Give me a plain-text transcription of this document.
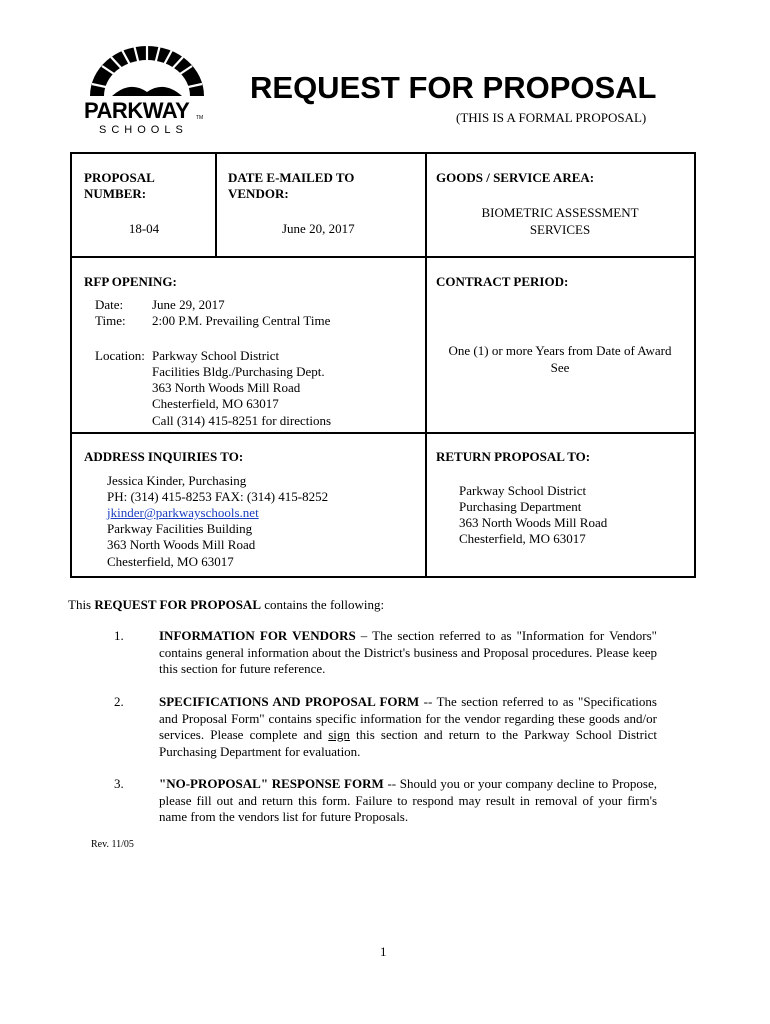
PARKWAY TM
SCHOOLS
REQUEST FOR PROPOSAL
(THIS IS A FORMAL PROPOSAL)
PROPOSAL
NUMBER:
18-04
DATE E-MAILED TO
VENDOR:
June 20, 2017
GOODS / SERVICE AREA:
BIOMETRIC ASSESSMENT
SERVICES
RFP OPENING:
Date: June 29, 2017
Time: 2:00 P.M. Prevailing Central Time
Location: Parkway School District
Facilities Bldg./Purchasing Dept.
363 North Woods Mill Road
Chesterfield, MO 63017
Call (314) 415-8251 for directions
CONTRACT PERIOD:
One (1) or more Years from Date of Award
See
ADDRESS INQUIRIES TO:
Jessica Kinder, Purchasing
PH: (314) 415-8253 FAX: (314) 415-8252
jkinder@parkwayschools.net
Parkway Facilities Building
363 North Woods Mill Road
Chesterfield, MO 63017
RETURN PROPOSAL TO:
Parkway School District
Purchasing Department
363 North Woods Mill Road
Chesterfield, MO 63017
This REQUEST FOR PROPOSAL contains the following:
1.	INFORMATION FOR VENDORS – The section referred to as "Information for Vendors" contains general information about the District's business and Proposal procedures. Please keep this section for future reference.
2.	SPECIFICATIONS AND PROPOSAL FORM -- The section referred to as "Specifications and Proposal Form" contains specific information for the vendor regarding these goods and/or services. Please complete and sign this section and return to the Parkway School District Purchasing Department for evaluation.
3.	"NO-PROPOSAL" RESPONSE FORM -- Should you or your company decline to Propose, please fill out and return this form. Failure to respond may result in removal of your firm's name from the vendors list for future Proposals.
Rev. 11/05
1
